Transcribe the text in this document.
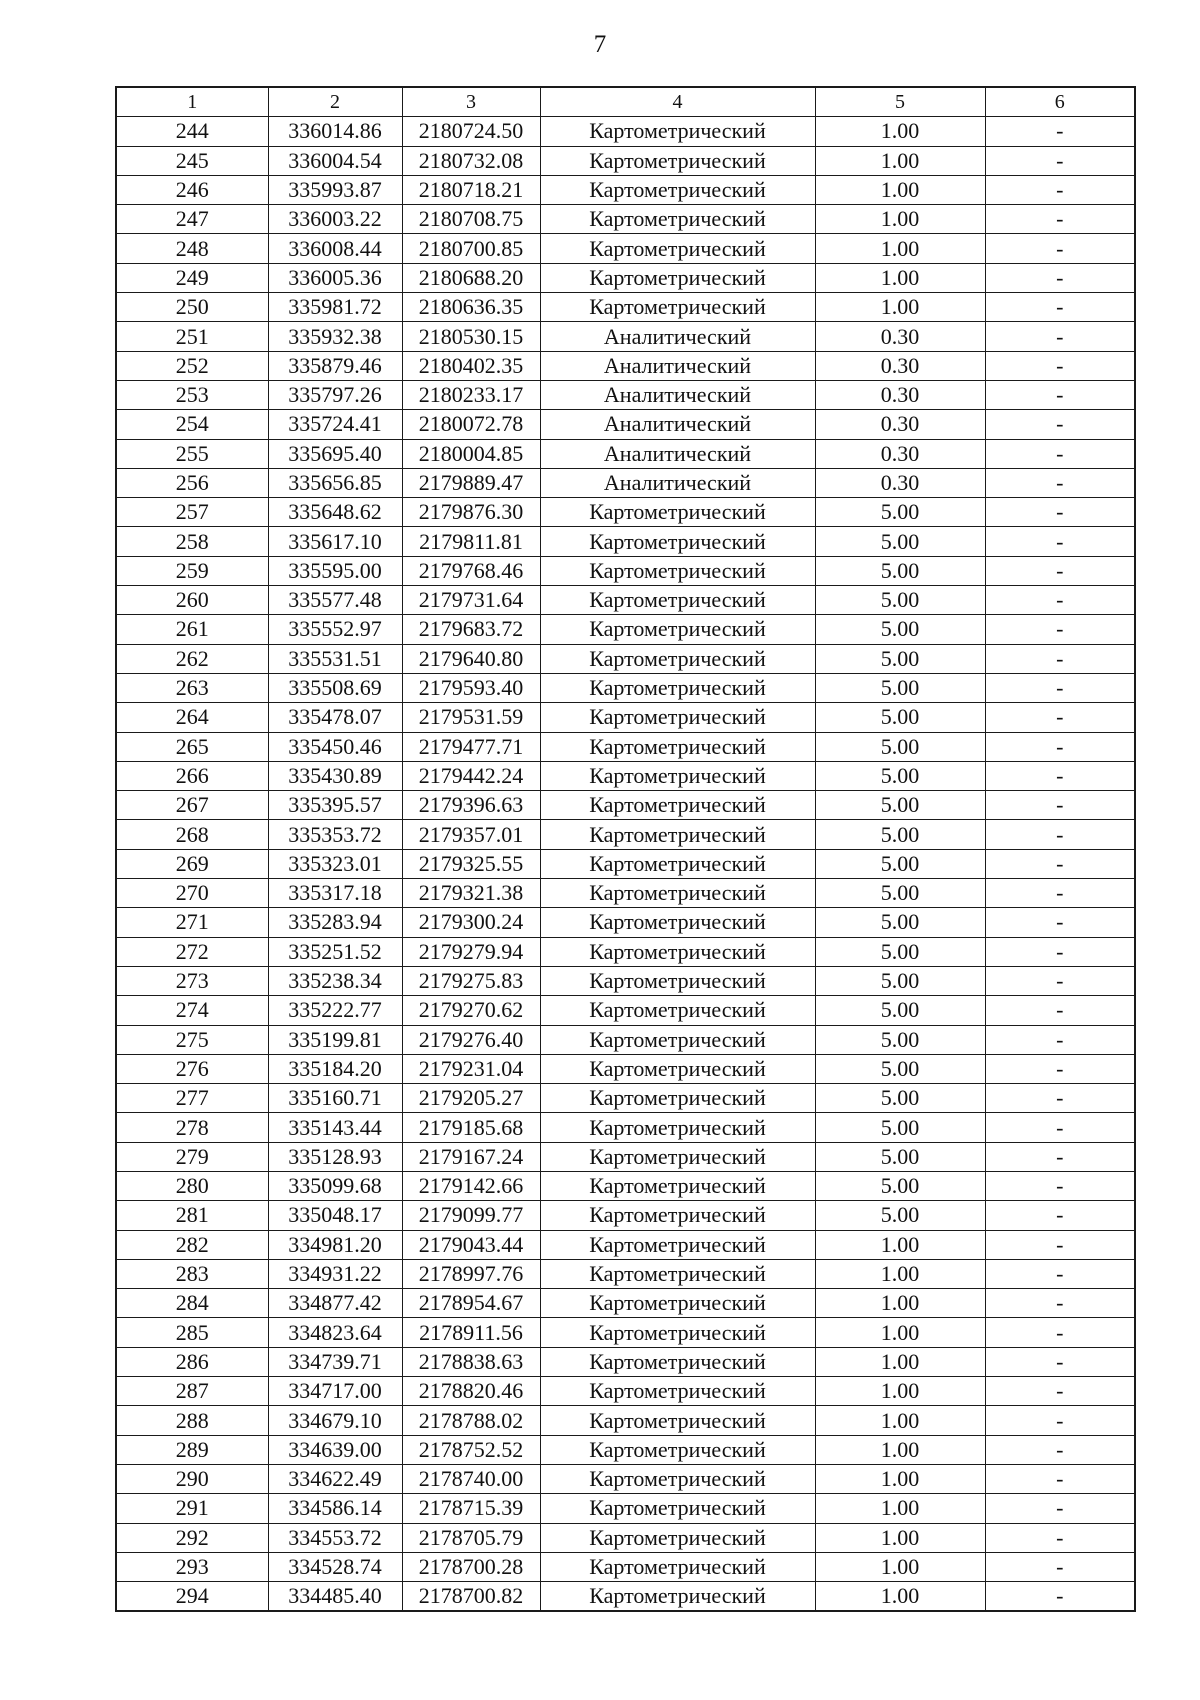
7
1	2	3	4	5	6
244	336014.86	2180724.50	Картометрический	1.00	-
245	336004.54	2180732.08	Картометрический	1.00	-
246	335993.87	2180718.21	Картометрический	1.00	-
247	336003.22	2180708.75	Картометрический	1.00	-
248	336008.44	2180700.85	Картометрический	1.00	-
249	336005.36	2180688.20	Картометрический	1.00	-
250	335981.72	2180636.35	Картометрический	1.00	-
251	335932.38	2180530.15	Аналитический	0.30	-
252	335879.46	2180402.35	Аналитический	0.30	-
253	335797.26	2180233.17	Аналитический	0.30	-
254	335724.41	2180072.78	Аналитический	0.30	-
255	335695.40	2180004.85	Аналитический	0.30	-
256	335656.85	2179889.47	Аналитический	0.30	-
257	335648.62	2179876.30	Картометрический	5.00	-
258	335617.10	2179811.81	Картометрический	5.00	-
259	335595.00	2179768.46	Картометрический	5.00	-
260	335577.48	2179731.64	Картометрический	5.00	-
261	335552.97	2179683.72	Картометрический	5.00	-
262	335531.51	2179640.80	Картометрический	5.00	-
263	335508.69	2179593.40	Картометрический	5.00	-
264	335478.07	2179531.59	Картометрический	5.00	-
265	335450.46	2179477.71	Картометрический	5.00	-
266	335430.89	2179442.24	Картометрический	5.00	-
267	335395.57	2179396.63	Картометрический	5.00	-
268	335353.72	2179357.01	Картометрический	5.00	-
269	335323.01	2179325.55	Картометрический	5.00	-
270	335317.18	2179321.38	Картометрический	5.00	-
271	335283.94	2179300.24	Картометрический	5.00	-
272	335251.52	2179279.94	Картометрический	5.00	-
273	335238.34	2179275.83	Картометрический	5.00	-
274	335222.77	2179270.62	Картометрический	5.00	-
275	335199.81	2179276.40	Картометрический	5.00	-
276	335184.20	2179231.04	Картометрический	5.00	-
277	335160.71	2179205.27	Картометрический	5.00	-
278	335143.44	2179185.68	Картометрический	5.00	-
279	335128.93	2179167.24	Картометрический	5.00	-
280	335099.68	2179142.66	Картометрический	5.00	-
281	335048.17	2179099.77	Картометрический	5.00	-
282	334981.20	2179043.44	Картометрический	1.00	-
283	334931.22	2178997.76	Картометрический	1.00	-
284	334877.42	2178954.67	Картометрический	1.00	-
285	334823.64	2178911.56	Картометрический	1.00	-
286	334739.71	2178838.63	Картометрический	1.00	-
287	334717.00	2178820.46	Картометрический	1.00	-
288	334679.10	2178788.02	Картометрический	1.00	-
289	334639.00	2178752.52	Картометрический	1.00	-
290	334622.49	2178740.00	Картометрический	1.00	-
291	334586.14	2178715.39	Картометрический	1.00	-
292	334553.72	2178705.79	Картометрический	1.00	-
293	334528.74	2178700.28	Картометрический	1.00	-
294	334485.40	2178700.82	Картометрический	1.00	-
